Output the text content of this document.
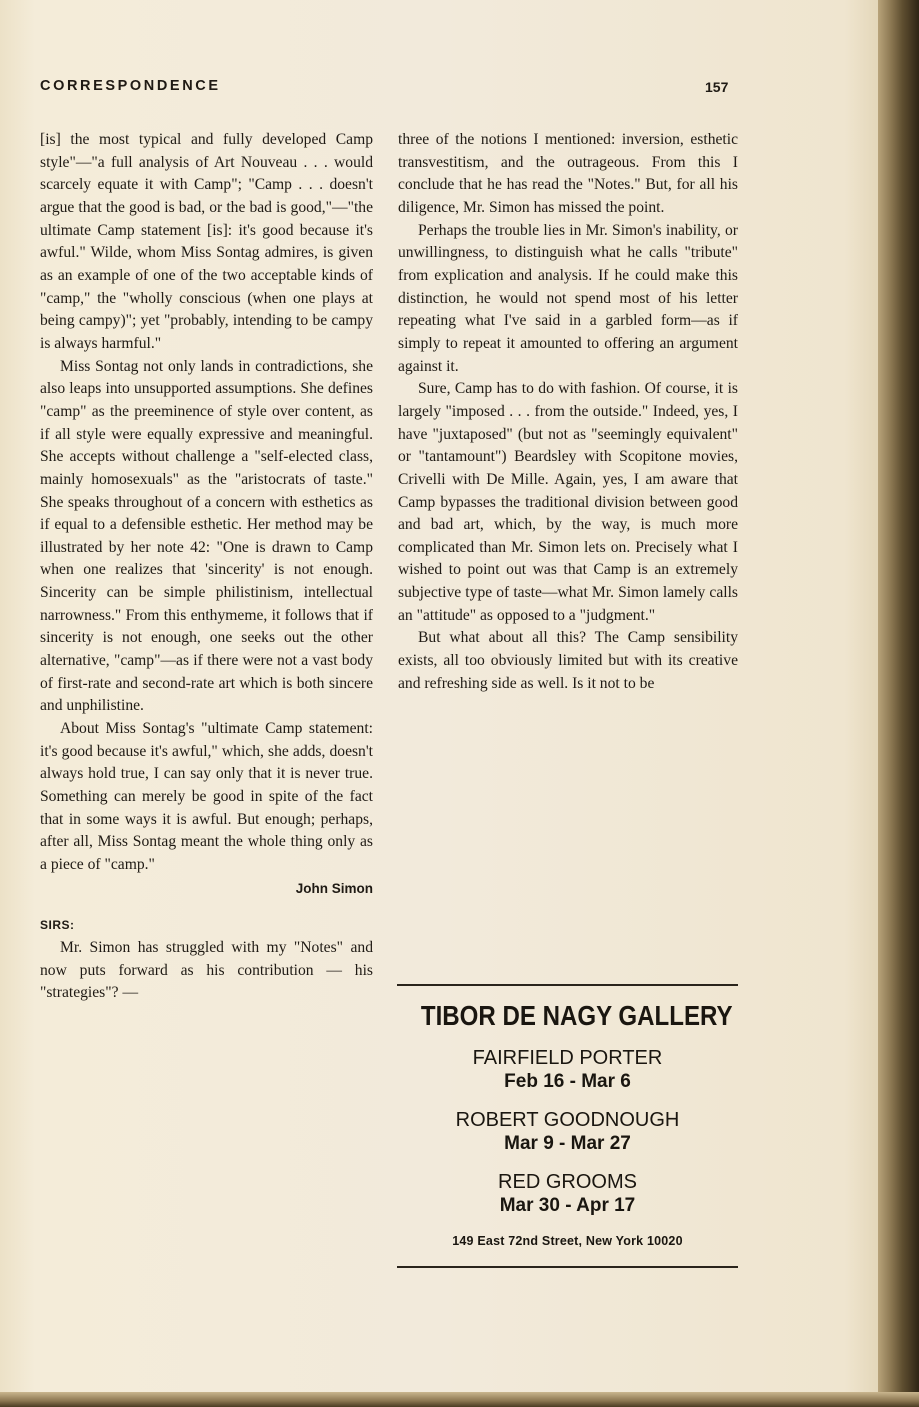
CORRESPONDENCE	157

[is] the most typical and fully developed Camp style"—"a full analysis of Art Nouveau . . . would scarcely equate it with Camp"; "Camp . . . doesn't argue that the good is bad, or the bad is good,"—"the ultimate Camp statement [is]: it's good because it's awful." Wilde, whom Miss Sontag admires, is given as an example of one of the two acceptable kinds of "camp," the "wholly conscious (when one plays at being campy)"; yet "probably, intending to be campy is always harmful."

Miss Sontag not only lands in contradictions, she also leaps into unsupported assumptions. She defines "camp" as the preeminence of style over content, as if all style were equally expressive and meaningful. She accepts without challenge a "self-elected class, mainly homosexuals" as the "aristocrats of taste." She speaks throughout of a concern with esthetics as if equal to a defensible esthetic. Her method may be illustrated by her note 42: "One is drawn to Camp when one realizes that 'sincerity' is not enough. Sincerity can be simple philistinism, intellectual narrowness." From this enthymeme, it follows that if sincerity is not enough, one seeks out the other alternative, "camp"—as if there were not a vast body of first-rate and second-rate art which is both sincere and unphilistine.

About Miss Sontag's "ultimate Camp statement: it's good because it's awful," which, she adds, doesn't always hold true, I can say only that it is never true. Something can merely be good in spite of the fact that in some ways it is awful. But enough; perhaps, after all, Miss Sontag meant the whole thing only as a piece of "camp."

John Simon
SIRS:

Mr. Simon has struggled with my "Notes" and now puts forward as his contribution — his "strategies"? —

three of the notions I mentioned: inversion, esthetic transvestitism, and the outrageous. From this I conclude that he has read the "Notes." But, for all his diligence, Mr. Simon has missed the point.

Perhaps the trouble lies in Mr. Simon's inability, or unwillingness, to distinguish what he calls "tribute" from explication and analysis. If he could make this distinction, he would not spend most of his letter repeating what I've said in a garbled form—as if simply to repeat it amounted to offering an argument against it.

Sure, Camp has to do with fashion. Of course, it is largely "imposed . . . from the outside." Indeed, yes, I have "juxtaposed" (but not as "seemingly equivalent" or "tantamount") Beardsley with Scopitone movies, Crivelli with De Mille. Again, yes, I am aware that Camp bypasses the traditional division between good and bad art, which, by the way, is much more complicated than Mr. Simon lets on. Precisely what I wished to point out was that Camp is an extremely subjective type of taste—what Mr. Simon lamely calls an "attitude" as opposed to a "judgment."

But what about all this? The Camp sensibility exists, all too obviously limited but with its creative and refreshing side as well. Is it not to be

TIBOR DE NAGY GALLERY
FAIRFIELD PORTER
Feb 16 - Mar 6
ROBERT GOODNOUGH
Mar 9 - Mar 27
RED GROOMS
Mar 30 - Apr 17
149 East 72nd Street, New York 10020
